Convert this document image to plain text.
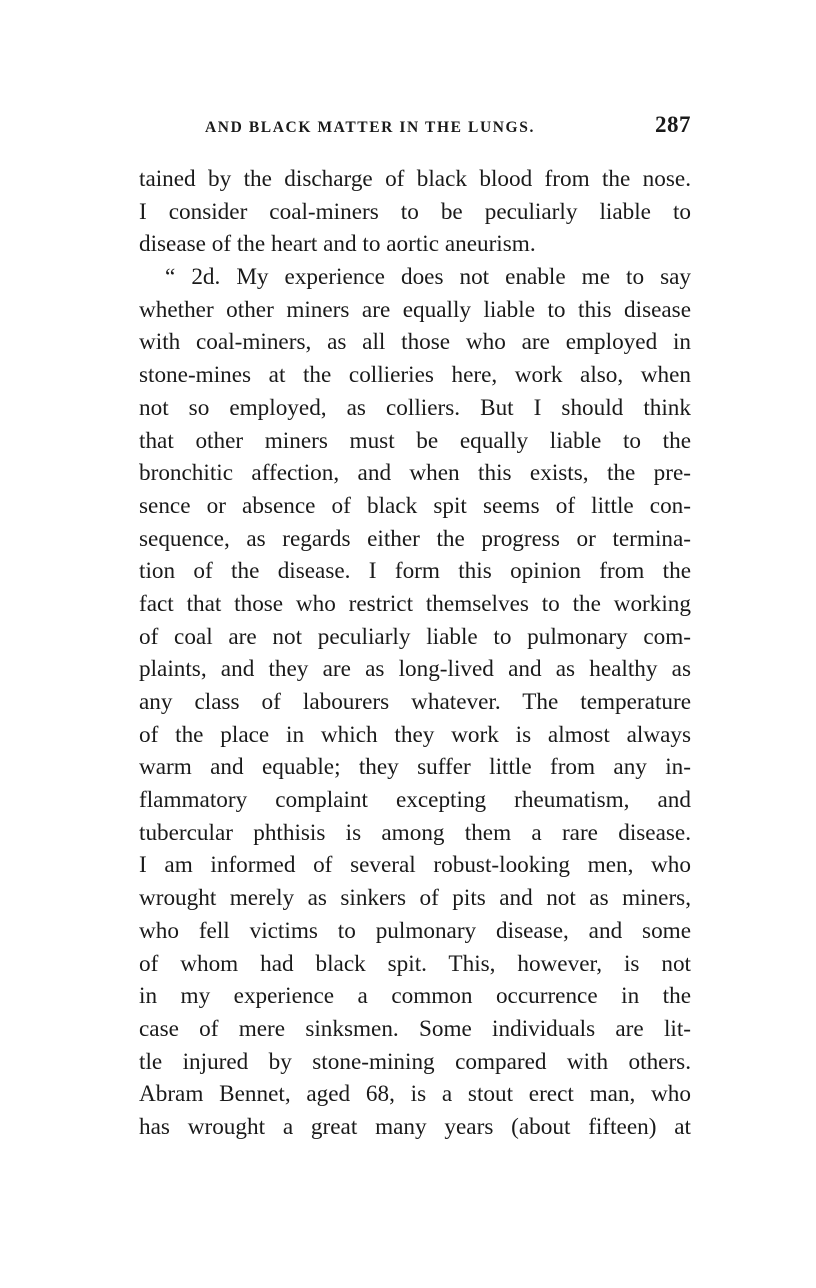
AND BLACK MATTER IN THE LUNGS.	287
tained by the discharge of black blood from the nose.
I consider coal-miners to be peculiarly liable to
disease of the heart and to aortic aneurism.
“ 2d. My experience does not enable me to say
whether other miners are equally liable to this disease
with coal-miners, as all those who are employed in
stone-mines at the collieries here, work also, when
not so employed, as colliers. But I should think
that other miners must be equally liable to the
bronchitic affection, and when this exists, the pre-
sence or absence of black spit seems of little con-
sequence, as regards either the progress or termina-
tion of the disease. I form this opinion from the
fact that those who restrict themselves to the working
of coal are not peculiarly liable to pulmonary com-
plaints, and they are as long-lived and as healthy as
any class of labourers whatever. The temperature
of the place in which they work is almost always
warm and equable; they suffer little from any in-
flammatory complaint excepting rheumatism, and
tubercular phthisis is among them a rare disease.
I am informed of several robust-looking men, who
wrought merely as sinkers of pits and not as miners,
who fell victims to pulmonary disease, and some
of whom had black spit. This, however, is not
in my experience a common occurrence in the
case of mere sinksmen. Some individuals are lit-
tle injured by stone-mining compared with others.
Abram Bennet, aged 68, is a stout erect man, who
has wrought a great many years (about fifteen) at
